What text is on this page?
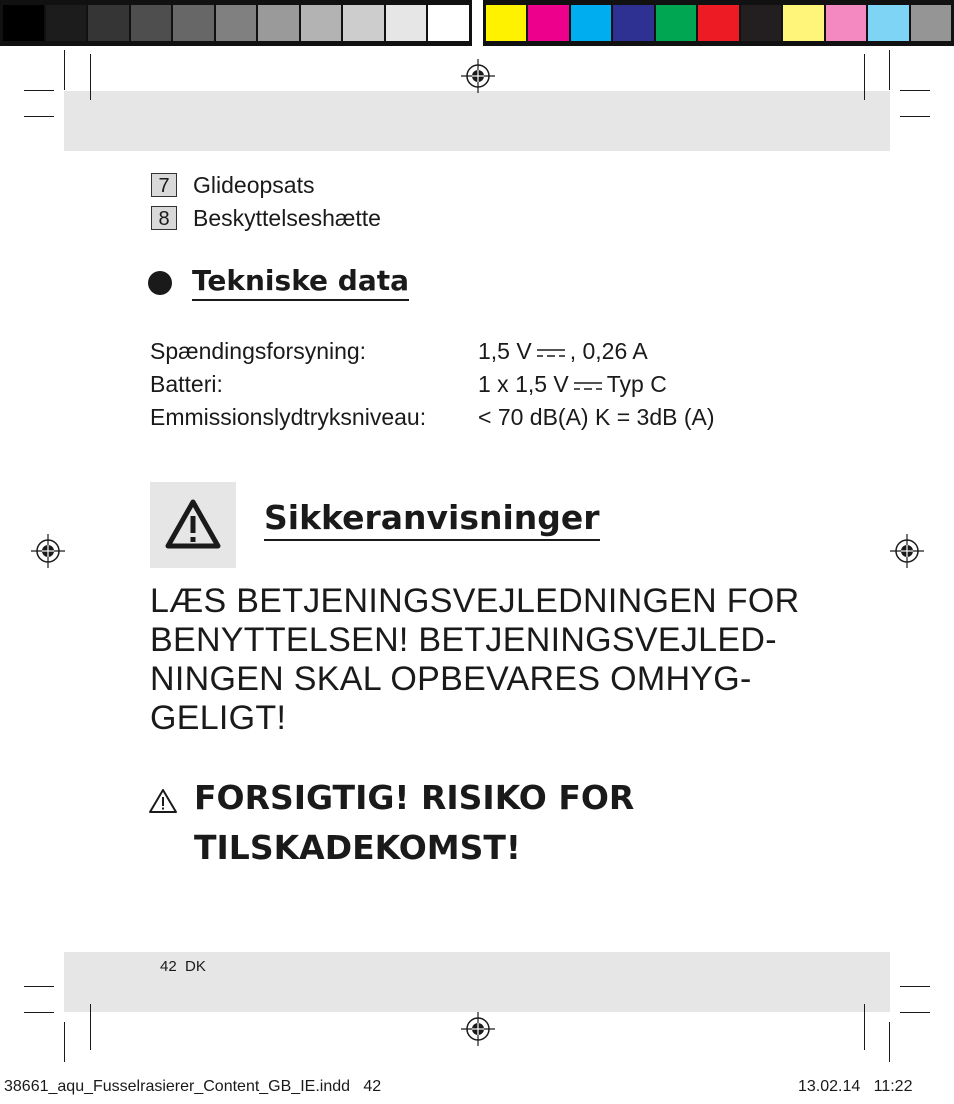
7	Glideopsats
8	Beskyttelseshætte
Tekniske data
Spændingsforsyning:	1,5 V , 0,26 A
Batteri:	1 x 1,5 V Typ C
Emmissionslydtryksniveau: < 70 dB(A) K = 3dB (A)
Sikkeranvisninger
LÆS BETJENINGSVEJLEDNINGEN FOR
BENYTTELSEN! BETJENINGSVEJLED-
NINGEN SKAL OPBEVARES OMHYG-
GELIGT!
FORSIGTIG! RISIKO FOR
TILSKADEKOMST!
42 DK
38661_aqu_Fusselrasierer_Content_GB_IE.indd 42	13.02.14 11:22
